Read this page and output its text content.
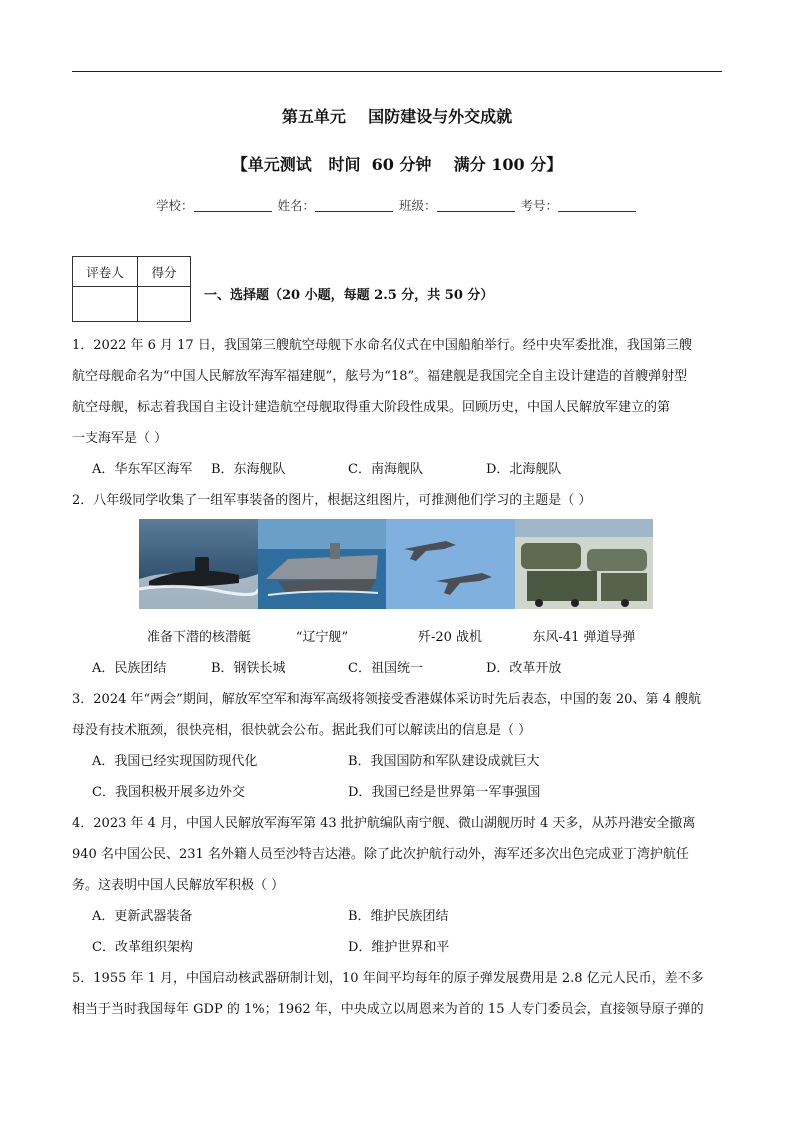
第五单元    国防建设与外交成就
【单元测试   时间  60 分钟    满分 100 分】
学校：	姓名：	班级：	考号：
评卷人	得分

一、选择题（20 小题，每题 2.5 分，共 50 分）
1．2022 年 6 月 17 日，我国第三艘航空母舰下水命名仪式在中国船舶举行。经中央军委批准，我国第三艘
航空母舰命名为“中国人民解放军海军福建舰”，舷号为“18”。福建舰是我国完全自主设计建造的首艘弹射型
航空母舰，标志着我国自主设计建造航空母舰取得重大阶段性成果。回顾历史，中国人民解放军建立的第
一支海军是（ ）
A．华东军区海军 B．东海舰队	C．南海舰队	D．北海舰队
2．八年级同学收集了一组军事装备的图片，根据这组图片，可推测他们学习的主题是（ ）
准备下潜的核潜艇	“辽宁舰”	歼-20 战机	东风-41 弹道导弹
A．民族团结	B．钢铁长城	C．祖国统一	D．改革开放
3．2024 年“两会”期间，解放军空军和海军高级将领接受香港媒体采访时先后表态，中国的轰 20、第 4 艘航
母没有技术瓶颈，很快亮相，很快就会公布。据此我们可以解读出的信息是（ ）
A．我国已经实现国防现代化	B．我国国防和军队建设成就巨大
C．我国积极开展多边外交	D．我国已经是世界第一军事强国
4．2023 年 4 月，中国人民解放军海军第 43 批护航编队南宁舰、微山湖舰历时 4 天多，从苏丹港安全撤离
940 名中国公民、231 名外籍人员至沙特吉达港。除了此次护航行动外，海军还多次出色完成亚丁湾护航任
务。这表明中国人民解放军积极（ ）
A．更新武器装备	B．维护民族团结
C．改革组织架构	D．维护世界和平
5．1955 年 1 月，中国启动核武器研制计划，10 年间平均每年的原子弹发展费用是 2.8 亿元人民币，差不多
相当于当时我国每年 GDP 的 1%；1962 年，中央成立以周恩来为首的 15 人专门委员会，直接领导原子弹的
